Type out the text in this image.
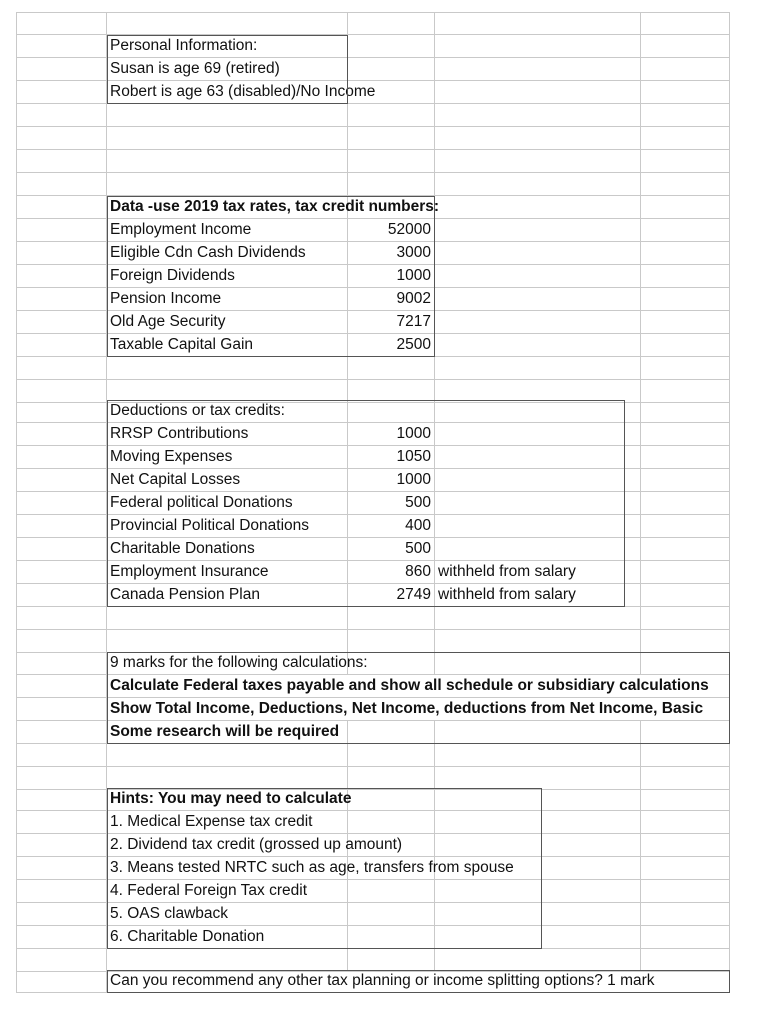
Personal Information:
Susan is age 69 (retired)
Robert is age 63 (disabled)/No Income
Data -use 2019 tax rates, tax credit numbers:
Employment Income	52000
Eligible Cdn Cash Dividends	3000
Foreign Dividends	1000
Pension Income	9002
Old Age Security	7217
Taxable Capital Gain	2500
Deductions or tax credits:
RRSP Contributions	1000
Moving Expenses	1050
Net Capital Losses	1000
Federal political Donations	500
Provincial Political Donations	400
Charitable Donations	500
Employment Insurance	860 withheld from salary
Canada Pension Plan	2749 withheld from salary
9 marks for the following calculations:
Calculate Federal taxes payable and show all schedule or subsidiary calculations
Show Total Income, Deductions, Net Income, deductions from Net Income, Basic
Some research will be required
Hints: You may need to calculate
1. Medical Expense tax credit
2. Dividend tax credit (grossed up amount)
3. Means tested NRTC such as age, transfers from spouse
4. Federal Foreign Tax credit
5. OAS clawback
6. Charitable Donation
Can you recommend any other tax planning or income splitting options? 1 mark
